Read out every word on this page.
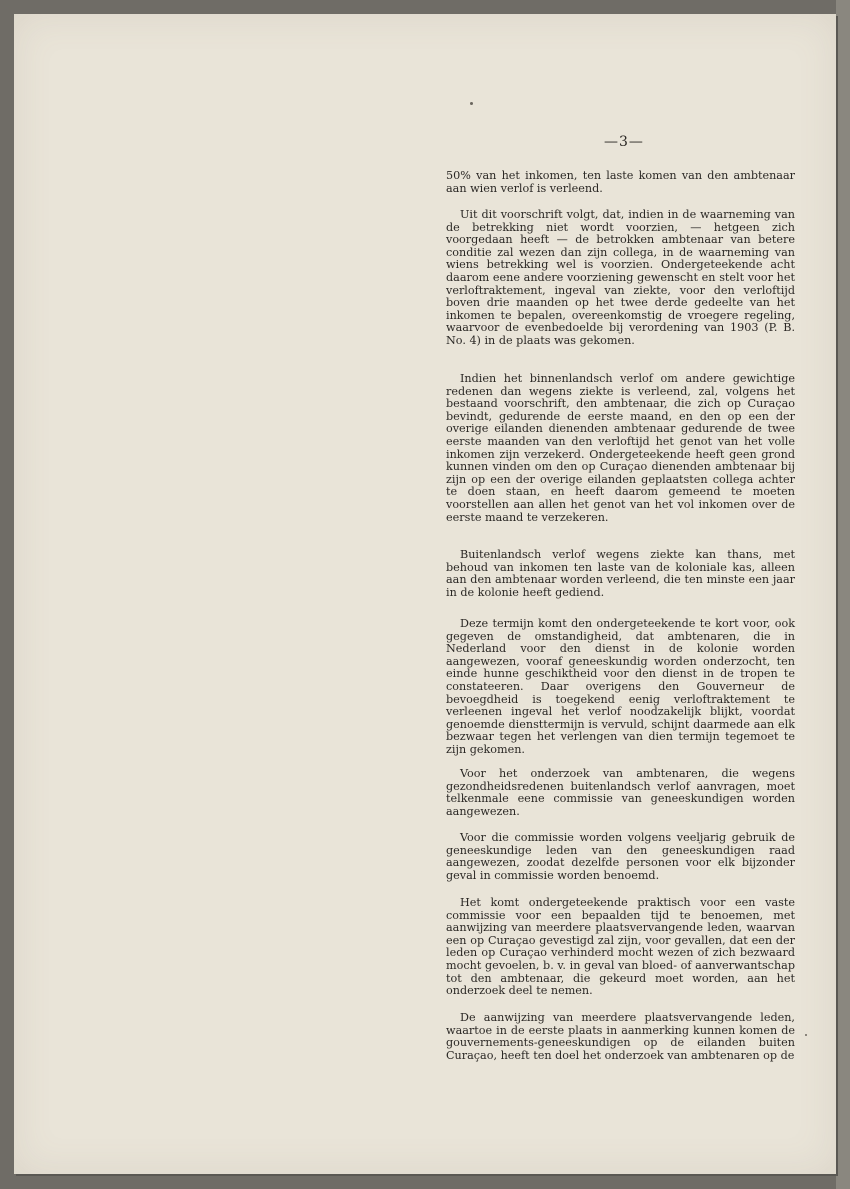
—3—

50% van het inkomen, ten laste komen van den ambtenaar aan wien verlof is verleend.

Uit dit voorschrift volgt, dat, indien in de waarneming van de betrekking niet wordt voorzien, — hetgeen zich voorgedaan heeft — de betrokken ambtenaar van betere conditie zal wezen dan zijn collega, in de waarneming van wiens betrekking wel is voorzien. Ondergeteekende acht daarom eene andere voorziening gewenscht en stelt voor het verloftraktement, ingeval van ziekte, voor den verloftijd boven drie maanden op het twee derde gedeelte van het inkomen te bepalen, overeenkomstig de vroegere regeling, waarvoor de evenbedoelde bij verordening van 1903 (P. B. No. 4) in de plaats was gekomen.

Indien het binnenlandsch verlof om andere gewichtige redenen dan wegens ziekte is verleend, zal, volgens het bestaand voorschrift, den ambtenaar, die zich op Curaçao bevindt, gedurende de eerste maand, en den op een der overige eilanden dienenden ambtenaar gedurende de twee eerste maanden van den verloftijd het genot van het volle inkomen zijn verzekerd. Ondergeteekende heeft geen grond kunnen vinden om den op Curaçao dienenden ambtenaar bij zijn op een der overige eilanden geplaatsten collega achter te doen staan, en heeft daarom gemeend te moeten voorstellen aan allen het genot van het vol inkomen over de eerste maand te verzekeren.

Buitenlandsch verlof wegens ziekte kan thans, met behoud van inkomen ten laste van de koloniale kas, alleen aan den ambtenaar worden verleend, die ten minste een jaar in de kolonie heeft gediend.

Deze termijn komt den ondergeteekende te kort voor, ook gegeven de omstandigheid, dat ambtenaren, die in Nederland voor den dienst in de kolonie worden aangewezen, vooraf geneeskundig worden onderzocht, ten einde hunne geschiktheid voor den dienst in de tropen te constateeren. Daar overigens den Gouverneur de bevoegdheid is toegekend eenig verloftraktement te verleenen ingeval het verlof noodzakelijk blijkt, voordat genoemde diensttermijn is vervuld, schijnt daarmede aan elk bezwaar tegen het verlengen van dien termijn tegemoet te zijn gekomen.

Voor het onderzoek van ambtenaren, die wegens gezondheidsredenen buitenlandsch verlof aanvragen, moet telkenmale eene commissie van geneeskundigen worden aangewezen.

Voor die commissie worden volgens veeljarig gebruik de geneeskundige leden van den geneeskundigen raad aangewezen, zoodat dezelfde personen voor elk bijzonder geval in commissie worden benoemd.

Het komt ondergeteekende praktisch voor een vaste commissie voor een bepaalden tijd te benoemen, met aanwijzing van meerdere plaatsvervangende leden, waarvan een op Curaçao gevestigd zal zijn, voor gevallen, dat een der leden op Curaçao verhinderd mocht wezen of zich bezwaard mocht gevoelen, b. v. in geval van bloed- of aanverwantschap tot den ambtenaar, die gekeurd moet worden, aan het onderzoek deel te nemen.

De aanwijzing van meerdere plaatsvervangende leden, waartoe in de eerste plaats in aanmerking kunnen komen de gouvernements-geneeskundigen op de eilanden buiten Curaçao, heeft ten doel het onderzoek van ambtenaren op de
